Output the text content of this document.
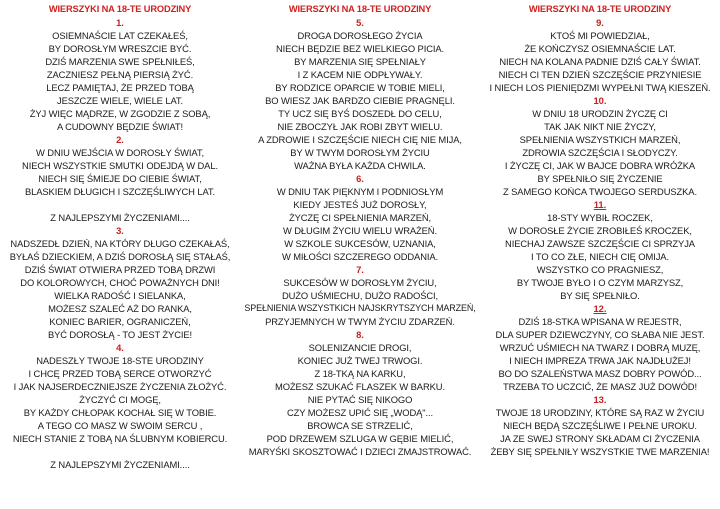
WIERSZYKI NA 18-TE URODZINY
1.
OSIEMNAŚCIE LAT CZEKAŁEŚ,
BY DOROSŁYM WRESZCIE BYĆ.
DZIŚ MARZENIA SWE SPEŁNIŁEŚ,
ZACZNIESZ PEŁNĄ PIERSIĄ ŻYĆ.
LECZ PAMIĘTAJ, ŻE PRZED TOBĄ
JESZCZE WIELE, WIELE LAT.
ŻYJ WIĘC MĄDRZE, W ZGODZIE Z SOBĄ,
A CUDOWNY BĘDZIE ŚWIAT!
2.
W DNIU WEJŚCIA W DOROSŁY ŚWIAT,
NIECH WSZYSTKIE SMUTKI ODEJDĄ W DAL.
NIECH SIĘ ŚMIEJE DO CIEBIE ŚWIAT,
BLASKIEM DŁUGICH I SZCZĘŚLIWYCH LAT.

Z NAJLEPSZYMI ŻYCZENIAMI....
3.
NADSZEDŁ DZIEŃ, NA KTÓRY DŁUGO CZEKAŁAŚ,
BYŁAŚ DZIECKIEM, A DZIŚ DOROSŁĄ SIĘ STAŁAŚ,
DZIŚ ŚWIAT OTWIERA PRZED TOBĄ DRZWI
DO KOLOROWYCH, CHOĆ POWAŻNYCH DNI!
WIELKA RADOŚĆ I SIELANKA,
MOŻESZ SZALEĆ AŻ DO RANKA,
KONIEC BARIER, OGRANICZEŃ,
BYĆ DOROSŁĄ - TO JEST ŻYCIE!
4.
NADESZŁY TWOJE 18-STE URODZINY
I CHCĘ PRZED TOBĄ SERCE OTWORZYĆ
I JAK NAJSERDECZNIEJSZE ŻYCZENIA ZŁOŻYĆ.
ŻYCZYĆ CI MOGĘ,
BY KAŻDY CHŁOPAK KOCHAŁ SIĘ W TOBIE.
A TEGO CO MASZ W SWOIM SERCU ,
NIECH STANIE Z TOBĄ NA ŚLUBNYM KOBIERCU.

Z NAJLEPSZYMI ŻYCZENIAMI....
WIERSZYKI NA 18-TE URODZINY
5.
DROGA DOROSŁEGO ŻYCIA
NIECH BĘDZIE BEZ WIELKIEGO PICIA.
BY MARZENIA SIĘ SPEŁNIAŁY
I Z KACEM NIE ODPŁYWAŁY.
BY RODZICE OPARCIE W TOBIE MIELI,
BO WIESZ JAK BARDZO CIEBIE PRAGNĘLI.
TY UCZ SIĘ BYŚ DOSZEDŁ DO CELU,
NIE ZBOCZYŁ JAK ROBI ZBYT WIELU.
A ZDROWIE I SZCZĘŚCIE NIECH CIĘ NIE MIJA,
BY W TWYM DOROSŁYM ŻYCIU
WAŻNA BYŁA KAŻDA CHWILA.
6.
W DNIU TAK PIĘKNYM I PODNIOSŁYM
KIEDY JESTEŚ JUŻ DOROSŁY,
ŻYCZĘ CI SPEŁNIENIA MARZEŃ,
W DŁUGIM ŻYCIU WIELU WRAŻEŃ.
W SZKOLE SUKCESÓW, UZNANIA,
W MIŁOŚCI SZCZEREGO ODDANIA.
7.
SUKCESÓW W DOROSŁYM ŻYCIU,
DUŻO UŚMIECHU, DUŻO RADOŚCI,
SPEŁNIENIA WSZYSTKICH NAJSKRYTSZYCH MARZEŃ,
PRZYJEMNYCH W TWYM ŻYCIU ZDARZEŃ.
8.
SOLENIZANCIE DROGI,
KONIEC JUŻ TWEJ TRWOGI.
Z 18-TKĄ NA KARKU,
MOŻESZ SZUKAĆ FLASZEK W BARKU.
NIE PYTAĆ SIĘ NIKOGO
CZY MOŻESZ UPIĆ SIĘ „WODĄ"...
BROWCA SE STRZELIĆ,
POD DRZEWEM SZLUGA W GĘBIE MIELIĆ,
MARYŚKI SKOSZTOWAĆ I DZIECI ZMAJSTROWAĆ.
WIERSZYKI NA 18-TE URODZINY
9.
KTOŚ MI POWIEDZIAŁ,
ŻE KOŃCZYSZ OSIEMNAŚCIE LAT.
NIECH NA KOLANA PADNIE DZIŚ CAŁY ŚWIAT.
NIECH CI TEN DZIEŃ SZCZĘŚCIE PRZYNIESIE
I NIECH LOS PIENIĘDZMI WYPEŁNI TWĄ KIESZEŃ.
10.
W DNIU 18 URODZIN ŻYCZĘ CI
TAK JAK NIKT NIE ŻYCZY,
SPEŁNIENIA WSZYSTKICH MARZEŃ,
ZDROWIA SZCZĘŚCIA I SŁODYCZY.
I ŻYCZĘ CI, JAK W BAJCE DOBRA WRÓŻKA
BY SPEŁNIŁO SIĘ ŻYCZENIE
Z SAMEGO KOŃCA TWOJEGO SERDUSZKA.
11.
18-STY WYBIŁ ROCZEK,
W DOROSŁE ŻYCIE ZROBIŁEŚ KROCZEK,
NIECHAJ ZAWSZE SZCZĘŚCIE CI SPRZYJA
I TO CO ZŁE, NIECH CIĘ OMIJA.
WSZYSTKO CO PRAGNIESZ,
BY TWOJE BYŁO I O CZYM MARZYSZ,
BY SIĘ SPEŁNIŁO.
12.
DZIŚ 18-STKA WPISANA W REJESTR,
DLA SUPER DZIEWCZYNY, CO SŁABA NIE JEST.
WRZUĆ UŚMIECH NA TWARZ I DOBRĄ MUZĘ,
I NIECH IMPREZA TRWA JAK NAJDŁUŻEJ!
BO DO SZALEŃSTWA MASZ DOBRY POWÓD...
TRZEBA TO UCZCIĆ, ŻE MASZ JUŻ DOWÓD!
13.
TWOJE 18 URODZINY, KTÓRE SĄ RAZ W ŻYCIU
NIECH BĘDĄ SZCZĘŚLIWE I PEŁNE UROKU.
JA ZE SWEJ STRONY SKŁADAM CI ŻYCZENIA
ŻEBY SIĘ SPEŁNIŁY WSZYSTKIE TWE MARZENIA!
